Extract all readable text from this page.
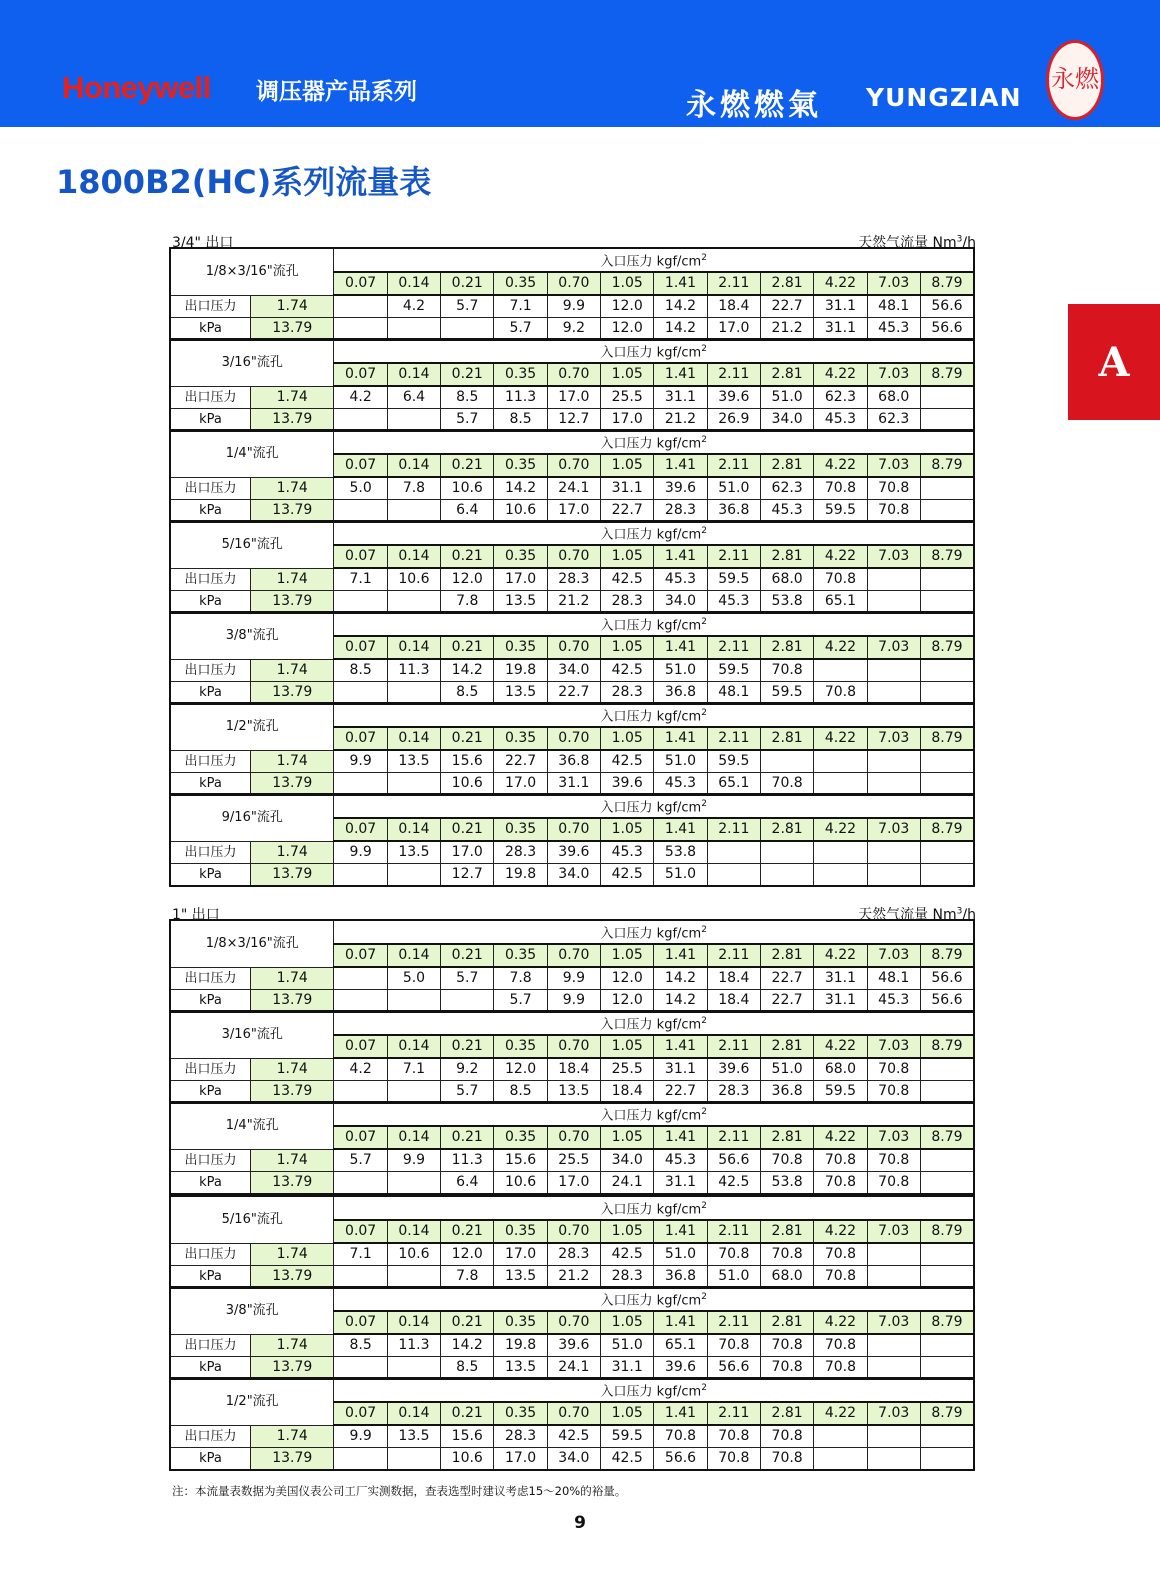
Honeywell 调压器产品系列	永燃燃氣 YUNGZIAN
永燃
1800B2(HC)系列流量表
A
3/4" 出口	天然气流量 Nm$^3$/h
1/8×3/16"流孔		入口压力 kgf/$cm^2$
		0.07	0.14	0.21	0.35	0.70	1.05	1.41	2.11	2.81	4.22	7.03	8.79
出口压力	1.74		4.2	5.7	7.1	9.9	12.0	14.2	18.4	22.7	31.1	48.1	56.6
kPa	13.79				5.7	9.2	12.0	14.2	17.0	21.2	31.1	45.3	56.6
3/16"流孔		入口压力 kgf/$cm^2$
		0.07	0.14	0.21	0.35	0.70	1.05	1.41	2.11	2.81	4.22	7.03	8.79
出口压力	1.74	4.2	6.4	8.5	11.3	17.0	25.5	31.1	39.6	51.0	62.3	68.0	
kPa	13.79			5.7	8.5	12.7	17.0	21.2	26.9	34.0	45.3	62.3	
1/4"流孔		入口压力 kgf/$cm^2$
		0.07	0.14	0.21	0.35	0.70	1.05	1.41	2.11	2.81	4.22	7.03	8.79
出口压力	1.74	5.0	7.8	10.6	14.2	24.1	31.1	39.6	51.0	62.3	70.8	70.8	
kPa	13.79			6.4	10.6	17.0	22.7	28.3	36.8	45.3	59.5	70.8	
5/16"流孔		入口压力 kgf/$cm^2$
		0.07	0.14	0.21	0.35	0.70	1.05	1.41	2.11	2.81	4.22	7.03	8.79
出口压力	1.74	7.1	10.6	12.0	17.0	28.3	42.5	45.3	59.5	68.0	70.8		
kPa	13.79			7.8	13.5	21.2	28.3	34.0	45.3	53.8	65.1		
3/8"流孔		入口压力 kgf/$cm^2$
		0.07	0.14	0.21	0.35	0.70	1.05	1.41	2.11	2.81	4.22	7.03	8.79
出口压力	1.74	8.5	11.3	14.2	19.8	34.0	42.5	51.0	59.5	70.8			
kPa	13.79			8.5	13.5	22.7	28.3	36.8	48.1	59.5	70.8		
1/2"流孔		入口压力 kgf/$cm^2$
		0.07	0.14	0.21	0.35	0.70	1.05	1.41	2.11	2.81	4.22	7.03	8.79
出口压力	1.74	9.9	13.5	15.6	22.7	36.8	42.5	51.0	59.5				
kPa	13.79			10.6	17.0	31.1	39.6	45.3	65.1	70.8			
9/16"流孔		入口压力 kgf/$cm^2$
		0.07	0.14	0.21	0.35	0.70	1.05	1.41	2.11	2.81	4.22	7.03	8.79
出口压力	1.74	9.9	13.5	17.0	28.3	39.6	45.3	53.8					
kPa	13.79			12.7	19.8	34.0	42.5	51.0					
1" 出口	天然气流量 Nm$^3$/h
1/8×3/16"流孔		入口压力 kgf/$cm^2$
		0.07	0.14	0.21	0.35	0.70	1.05	1.41	2.11	2.81	4.22	7.03	8.79
出口压力	1.74		5.0	5.7	7.8	9.9	12.0	14.2	18.4	22.7	31.1	48.1	56.6
kPa	13.79				5.7	9.9	12.0	14.2	18.4	22.7	31.1	45.3	56.6
3/16"流孔		入口压力 kgf/$cm^2$
		0.07	0.14	0.21	0.35	0.70	1.05	1.41	2.11	2.81	4.22	7.03	8.79
出口压力	1.74	4.2	7.1	9.2	12.0	18.4	25.5	31.1	39.6	51.0	68.0	70.8	
kPa	13.79			5.7	8.5	13.5	18.4	22.7	28.3	36.8	59.5	70.8	
1/4"流孔		入口压力 kgf/$cm^2$
		0.07	0.14	0.21	0.35	0.70	1.05	1.41	2.11	2.81	4.22	7.03	8.79
出口压力	1.74	5.7	9.9	11.3	15.6	25.5	34.0	45.3	56.6	70.8	70.8	70.8	
kPa	13.79			6.4	10.6	17.0	24.1	31.1	42.5	53.8	70.8	70.8	
5/16"流孔		入口压力 kgf/$cm^2$
		0.07	0.14	0.21	0.35	0.70	1.05	1.41	2.11	2.81	4.22	7.03	8.79
出口压力	1.74	7.1	10.6	12.0	17.0	28.3	42.5	51.0	70.8	70.8	70.8		
kPa	13.79			7.8	13.5	21.2	28.3	36.8	51.0	68.0	70.8		
3/8"流孔		入口压力 kgf/$cm^2$
		0.07	0.14	0.21	0.35	0.70	1.05	1.41	2.11	2.81	4.22	7.03	8.79
出口压力	1.74	8.5	11.3	14.2	19.8	39.6	51.0	65.1	70.8	70.8	70.8		
kPa	13.79			8.5	13.5	24.1	31.1	39.6	56.6	70.8	70.8		
1/2"流孔		入口压力 kgf/$cm^2$
		0.07	0.14	0.21	0.35	0.70	1.05	1.41	2.11	2.81	4.22	7.03	8.79
出口压力	1.74	9.9	13.5	15.6	28.3	42.5	59.5	70.8	70.8	70.8			
kPa	13.79			10.6	17.0	34.0	42.5	56.6	70.8	70.8			
注：本流量表数据为美国仪表公司工厂实测数据，查表选型时建议考虑15～20%的裕量。
9
